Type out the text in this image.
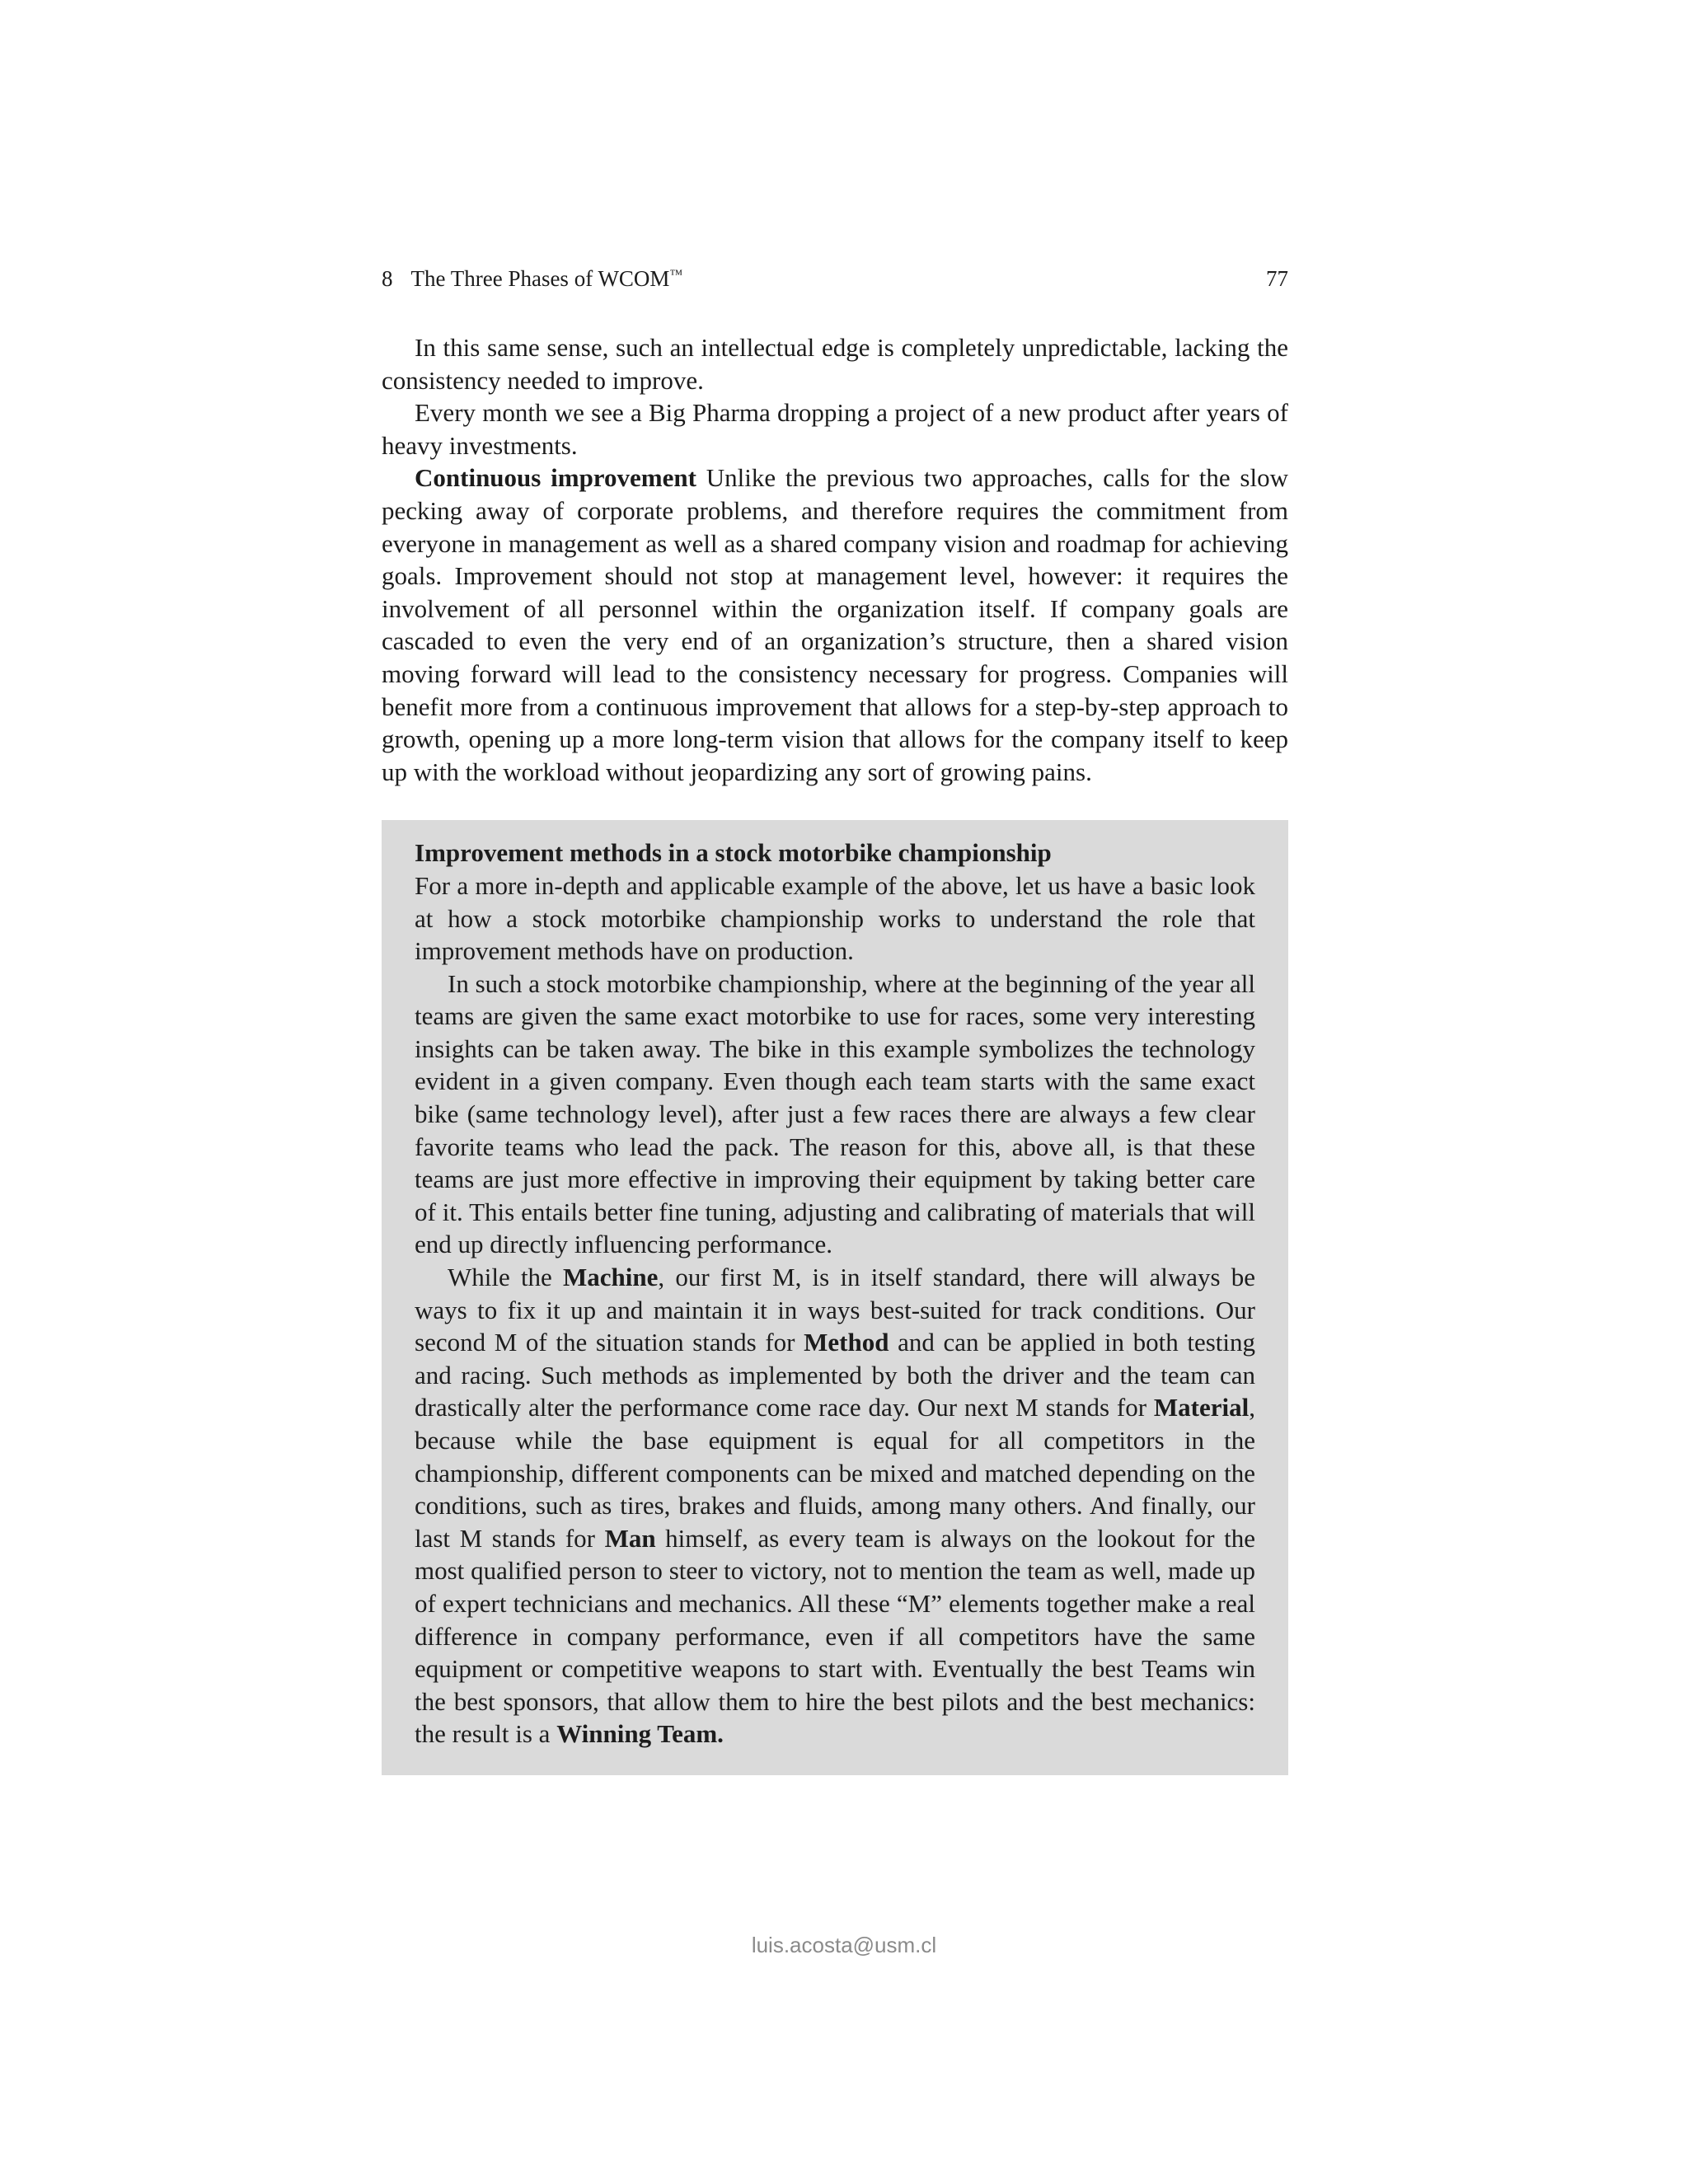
8 The Three Phases of WCOM™	77

In this same sense, such an intellectual edge is completely unpredictable, lacking the consistency needed to improve.

Every month we see a Big Pharma dropping a project of a new product after years of heavy investments.

Continuous improvement Unlike the previous two approaches, calls for the slow pecking away of corporate problems, and therefore requires the commitment from everyone in management as well as a shared company vision and roadmap for achieving goals. Improvement should not stop at management level, however: it requires the involvement of all personnel within the organization itself. If company goals are cascaded to even the very end of an organization’s structure, then a shared vision moving forward will lead to the consistency necessary for progress. Companies will benefit more from a continuous improvement that allows for a step-by-step approach to growth, opening up a more long-term vision that allows for the company itself to keep up with the workload without jeopardizing any sort of growing pains.

Improvement methods in a stock motorbike championship

For a more in-depth and applicable example of the above, let us have a basic look at how a stock motorbike championship works to understand the role that improvement methods have on production.

In such a stock motorbike championship, where at the beginning of the year all teams are given the same exact motorbike to use for races, some very interesting insights can be taken away. The bike in this example symbolizes the technology evident in a given company. Even though each team starts with the same exact bike (same technology level), after just a few races there are always a few clear favorite teams who lead the pack. The reason for this, above all, is that these teams are just more effective in improving their equipment by taking better care of it. This entails better fine tuning, adjusting and calibrating of materials that will end up directly influencing performance.

While the Machine, our first M, is in itself standard, there will always be ways to fix it up and maintain it in ways best-suited for track conditions. Our second M of the situation stands for Method and can be applied in both testing and racing. Such methods as implemented by both the driver and the team can drastically alter the performance come race day. Our next M stands for Material, because while the base equipment is equal for all competitors in the championship, different components can be mixed and matched depending on the conditions, such as tires, brakes and fluids, among many others. And finally, our last M stands for Man himself, as every team is always on the lookout for the most qualified person to steer to victory, not to mention the team as well, made up of expert technicians and mechanics. All these “M” elements together make a real difference in company performance, even if all competitors have the same equipment or competitive weapons to start with. Eventually the best Teams win the best sponsors, that allow them to hire the best pilots and the best mechanics: the result is a Winning Team.

luis.acosta@usm.cl
